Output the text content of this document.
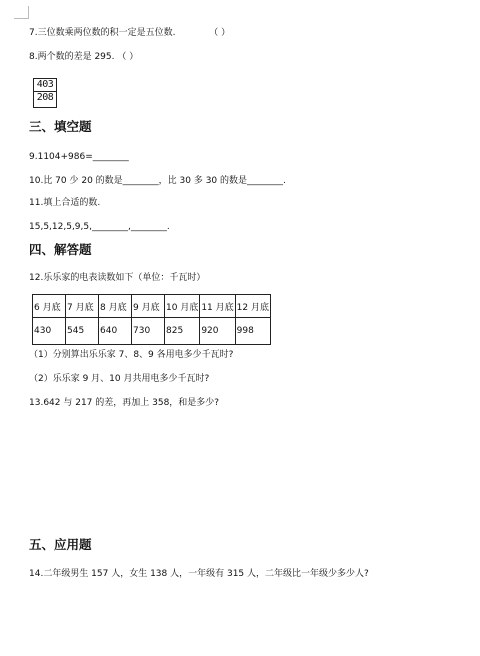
7.三位数乘两位数的积一定是五位数.	（ ）
8.两个数的差是 295. （ ）
403
208
三、填空题
9.1104+986=________
10.比 70 少 20 的数是________，比 30 多 30 的数是________.
11.填上合适的数.
15,5,12,5,9,5,________,________.
四、解答题
12.乐乐家的电表读数如下（单位：千瓦时）
6 月底	7 月底	8 月底	9 月底	10 月底	11 月底	12 月底
430	545	640	730	825	920	998
（1）分别算出乐乐家 7、8、9 各用电多少千瓦时?
（2）乐乐家 9 月、10 月共用电多少千瓦时?
13.642 与 217 的差，再加上 358，和是多少?
五、应用题
14.二年级男生 157 人，女生 138 人，一年级有 315 人，二年级比一年级少多少人?
